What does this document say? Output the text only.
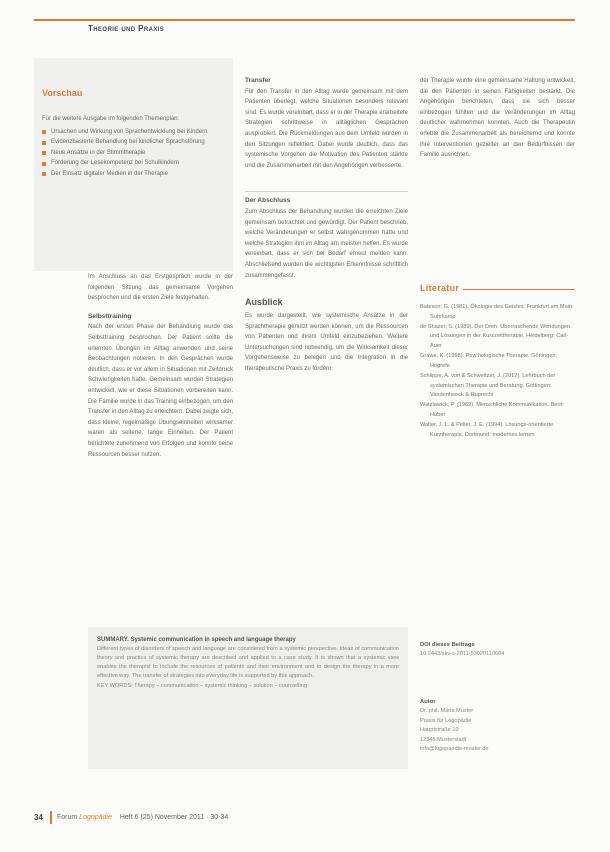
Theorie und Praxis

Vorschau

Für die weitere Ausgabe im folgenden Themenplan:

Ursachen und Wirkung von Sprachentwicklung bei Kindern
Evidenzbasierte Behandlung bei kindlicher Sprachstörung
Neue Ansätze in der Stimmtherapie
Förderung der Lesekompetenz bei Schulkindern
Der Einsatz digitaler Medien in der Therapie

Im Anschluss an das Erstgespräch wurde in der folgenden Sitzung das gemeinsame Vorgehen besprochen und die ersten Ziele festgehalten.

Selbsttraining

Nach der ersten Phase der Behandlung wurde das Selbsttraining besprochen. Der Patient sollte die erlernten Übungen im Alltag anwenden und seine Beobachtungen notieren. In den Gesprächen wurde deutlich, dass er vor allem in Situationen mit Zeitdruck Schwierigkeiten hatte. Gemeinsam wurden Strategien entwickelt, wie er diese Situationen vorbereiten kann. Die Familie wurde in das Training einbezogen, um den Transfer in den Alltag zu erleichtern. Dabei zeigte sich, dass kleine, regelmäßige Übungseinheiten wirksamer waren als seltene, lange Einheiten. Der Patient berichtete zunehmend von Erfolgen und konnte seine Ressourcen besser nutzen.

Transfer

Für den Transfer in den Alltag wurde gemeinsam mit dem Patienten überlegt, welche Situationen besonders relevant sind. Es wurde vereinbart, dass er in der Therapie erarbeitete Strategien schrittweise in alltäglichen Gesprächen ausprobiert. Die Rückmeldungen aus dem Umfeld wurden in den Sitzungen reflektiert. Dabei wurde deutlich, dass das systemische Vorgehen die Motivation des Patienten stärkte und die Zusammenarbeit mit den Angehörigen verbesserte.

Der Abschluss

Zum Abschluss der Behandlung wurden die erreichten Ziele gemeinsam betrachtet und gewürdigt. Der Patient beschrieb, welche Veränderungen er selbst wahrgenommen hatte und welche Strategien ihm im Alltag am meisten helfen. Es wurde vereinbart, dass er sich bei Bedarf erneut melden kann. Abschließend wurden die wichtigsten Erkenntnisse schriftlich zusammengefasst.

Ausblick

Es wurde dargestellt, wie systemische Ansätze in der Sprachtherapie genutzt werden können, um die Ressourcen von Patienten und ihrem Umfeld einzubeziehen. Weitere Untersuchungen sind notwendig, um die Wirksamkeit dieser Vorgehensweise zu belegen und die Integration in die therapeutische Praxis zu fördern.

der Therapie wurde eine gemeinsame Haltung entwickelt, die den Patienten in seinen Fähigkeiten bestärkt. Die Angehörigen berichteten, dass sie sich besser einbezogen fühlten und die Veränderungen im Alltag deutlicher wahrnehmen konnten. Auch die Therapeutin erlebte die Zusammenarbeit als bereichernd und konnte ihre Interventionen gezielter an den Bedürfnissen der Familie ausrichten.

Literatur
Bateson, G. (1981). Ökologie des Geistes. Frankfurt am Main: Suhrkamp
de Shazer, S. (1989). Der Dreh. Überraschende Wendungen und Lösungen in der Kurzzeittherapie. Heidelberg: Carl-Auer
Grawe, K. (1998). Psychologische Therapie. Göttingen: Hogrefe
Schlippe, A. von & Schweitzer, J. (2012). Lehrbuch der systemischen Therapie und Beratung. Göttingen: Vandenhoeck & Ruprecht
Watzlawick, P. (1969). Menschliche Kommunikation. Bern: Huber
Walter, J. L. & Peller, J. E. (1994). Lösungs-orientierte Kurztherapie. Dortmund: modernes lernen

SUMMARY. Systemic communication in speech and language therapy

Different types of disorders of speech and language are considered from a systemic perspective. Ideas of communication theory and practice of systemic therapy are described and applied to a case study. It is shown that a systemic view enables the therapist to include the resources of patients and their environment and to design the therapy in a more effective way. The transfer of strategies into everyday life is supported by this approach.

KEY WORDS: Therapy – communication – systemic thinking – solution – counselling

DOI dieses Beitrags

10.2443/skv-s-2011-53020110604

Autor

Dr. phil. Maria Muster

Praxis für Logopädie

Hauptstraße 10

12345 Musterstadt

info@logopaedie-muster.de

34 Forum Logopädie Heft 6 (25) November 2011 · 30-34
